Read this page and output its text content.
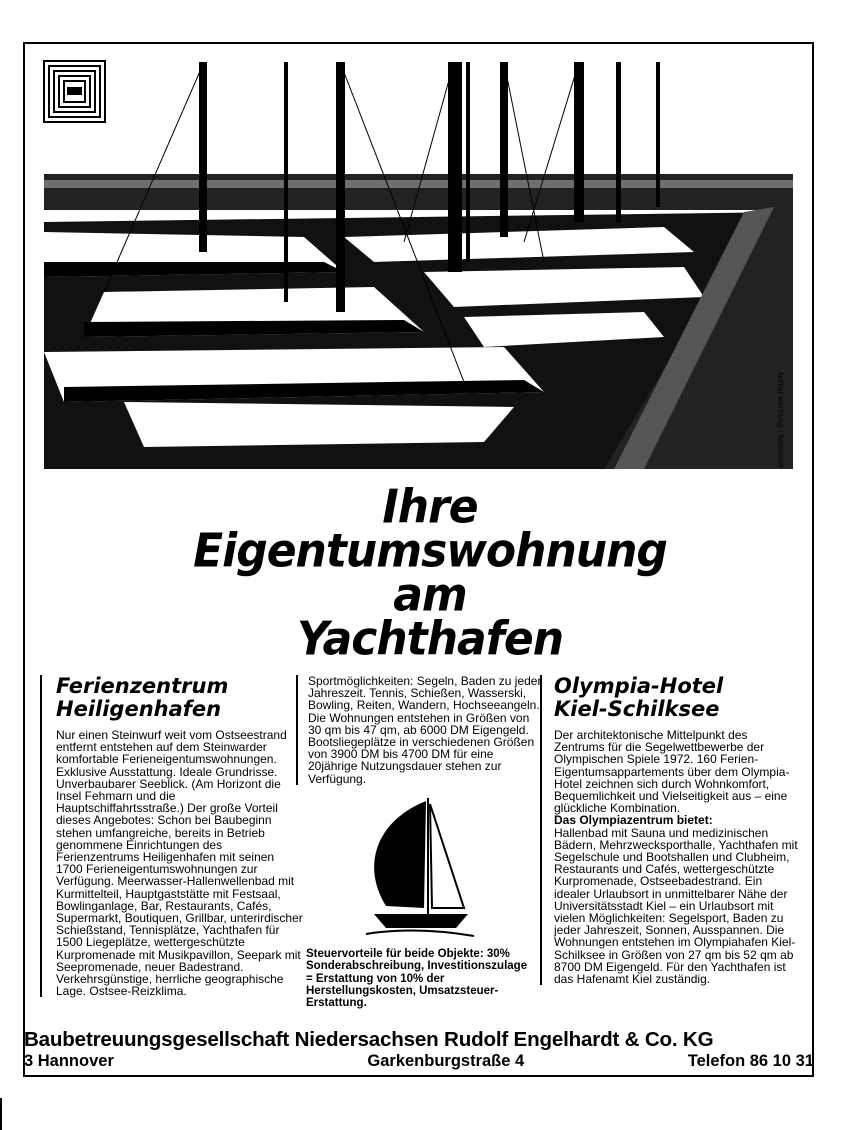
kerbsi werbung · hannover
Ihre
Eigentumswohnung
am
Yachthafen
Ferienzentrum
Heiligenhafen

Nur einen Steinwurf weit vom Ostseestrand entfernt entstehen auf dem Steinwarder komfortable Ferieneigentumswohnungen. Exklusive Ausstattung. Ideale Grundrisse. Unverbaubarer Seeblick. (Am Horizont die Insel Fehmarn und die Hauptschiffahrtsstraße.) Der große Vorteil dieses Angebotes: Schon bei Baubeginn stehen umfangreiche, bereits in Betrieb genommene Einrichtungen des Ferienzentrums Heiligenhafen mit seinen 1700 Ferieneigentumswohnungen zur Verfügung. Meerwasser-Hallenwellenbad mit Kurmittelteil, Hauptgaststätte mit Festsaal, Bowlinganlage, Bar, Restaurants, Cafés, Supermarkt, Boutiquen, Grillbar, unterirdischer Schießstand, Tennisplätze, Yachthafen für 1500 Liegeplätze, wettergeschützte Kurpromenade mit Musikpavillon, Seepark mit Seepromenade, neuer Badestrand. Verkehrsgünstige, herrliche geographische Lage. Ostsee-Reizklima.

Sportmöglichkeiten: Segeln, Baden zu jeder Jahreszeit. Tennis, Schießen, Wasserski, Bowling, Reiten, Wandern, Hochseeangeln. Die Wohnungen entstehen in Größen von 30 qm bis 47 qm, ab 6000 DM Eigengeld. Bootsliegeplätze in verschiedenen Größen von 3900 DM bis 4700 DM für eine 20jährige Nutzungsdauer stehen zur Verfügung.

Steuervorteile für beide Objekte: 30% Sonderabschreibung, Investitionszulage = Erstattung von 10% der Herstellungskosten, Umsatzsteuer-Erstattung.
Olympia-Hotel
Kiel-Schilksee

Der architektonische Mittelpunkt des Zentrums für die Segelwettbewerbe der Olympischen Spiele 1972. 160 Ferien-Eigentumsappartements über dem Olympia-Hotel zeichnen sich durch Wohnkomfort, Bequemlichkeit und Vielseitigkeit aus – eine glückliche Kombination.

Das Olympiazentrum bietet:

Hallenbad mit Sauna und medizinischen Bädern, Mehrzwecksporthalle, Yachthafen mit Segelschule und Bootshallen und Clubheim, Restaurants und Cafés, wettergeschützte Kurpromenade, Ostseebadestrand. Ein idealer Urlaubsort in unmittelbarer Nähe der Universitätsstadt Kiel – ein Urlaubsort mit vielen Möglichkeiten: Segelsport, Baden zu jeder Jahreszeit, Sonnen, Ausspannen. Die Wohnungen entstehen im Olympiahafen Kiel-Schilksee in Größen von 27 qm bis 52 qm ab 8700 DM Eigengeld. Für den Yachthafen ist das Hafenamt Kiel zuständig.

Baubetreuungsgesellschaft Niedersachsen Rudolf Engelhardt & Co. KG
3 Hannover	Garkenburgstraße 4	Telefon 86 10 31
